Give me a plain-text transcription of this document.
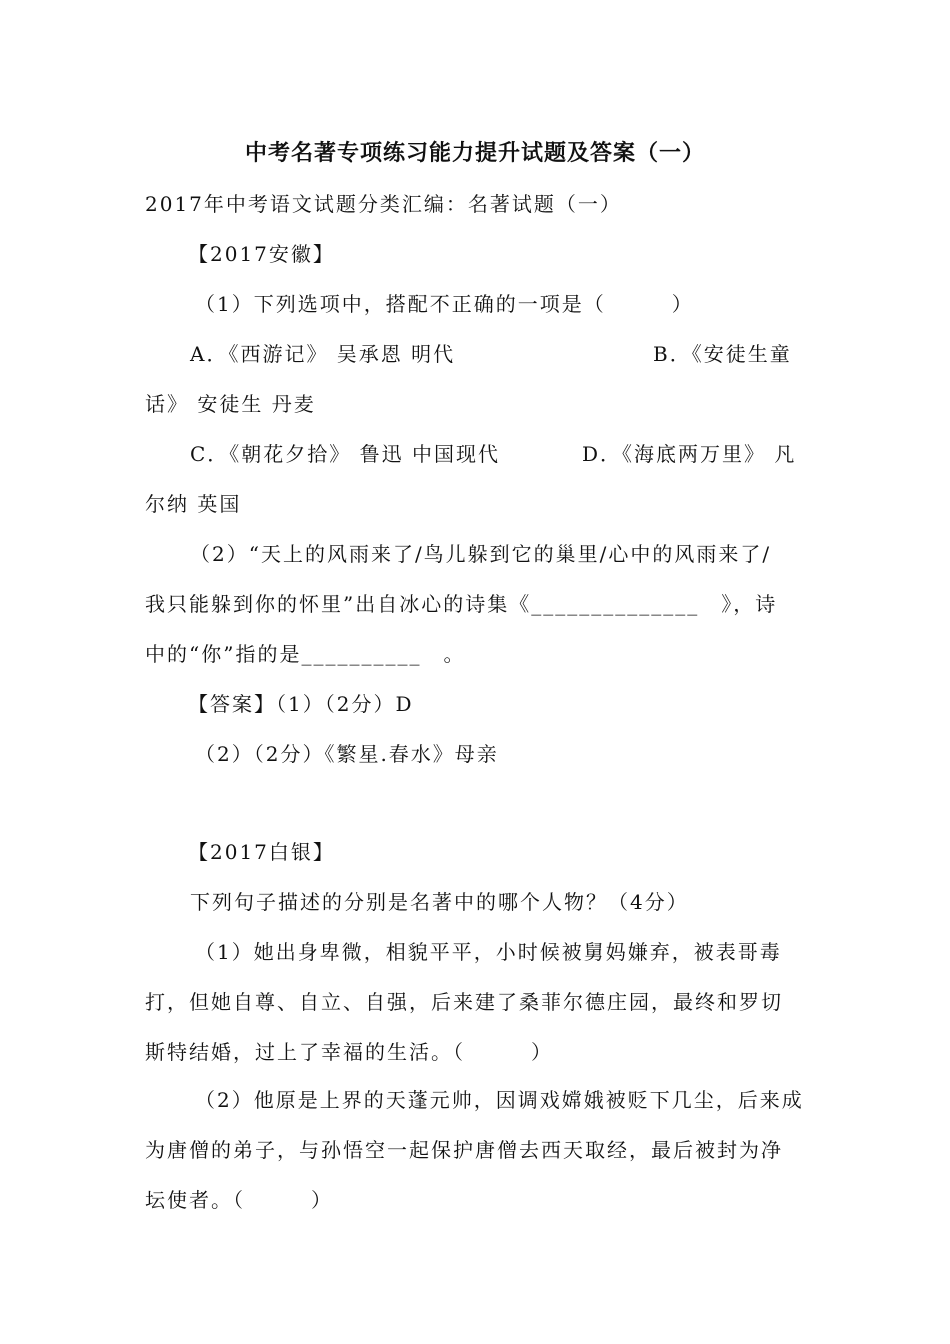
中考名著专项练习能力提升试题及答案（一）
2017年中考语文试题分类汇编：名著试题（一）
【2017安徽】
（1）下列选项中，搭配不正确的一项是（　　　）
A．《西游记》 吴承恩 明代	B．《安徒生童
话》 安徒生 丹麦
C．《朝花夕拾》 鲁迅 中国现代	D．《海底两万里》 凡
尔纳 英国
（2）“天上的风雨来了/鸟儿躲到它的巢里/心中的风雨来了/
我只能躲到你的怀里”出自冰心的诗集《______________　》，诗
中的“你”指的是__________　。
【答案】（1）（2分）D
（2）（2分）《繁星.春水》母亲
【2017白银】
下列句子描述的分别是名著中的哪个人物？（4分）
（1）她出身卑微，相貌平平，小时候被舅妈嫌弃，被表哥毒
打，但她自尊、自立、自强，后来建了桑菲尔德庄园，最终和罗切
斯特结婚，过上了幸福的生活。（　　　）
（2）他原是上界的天蓬元帅，因调戏嫦娥被贬下几尘，后来成
为唐僧的弟子，与孙悟空一起保护唐僧去西天取经，最后被封为净
坛使者。（　　　）
